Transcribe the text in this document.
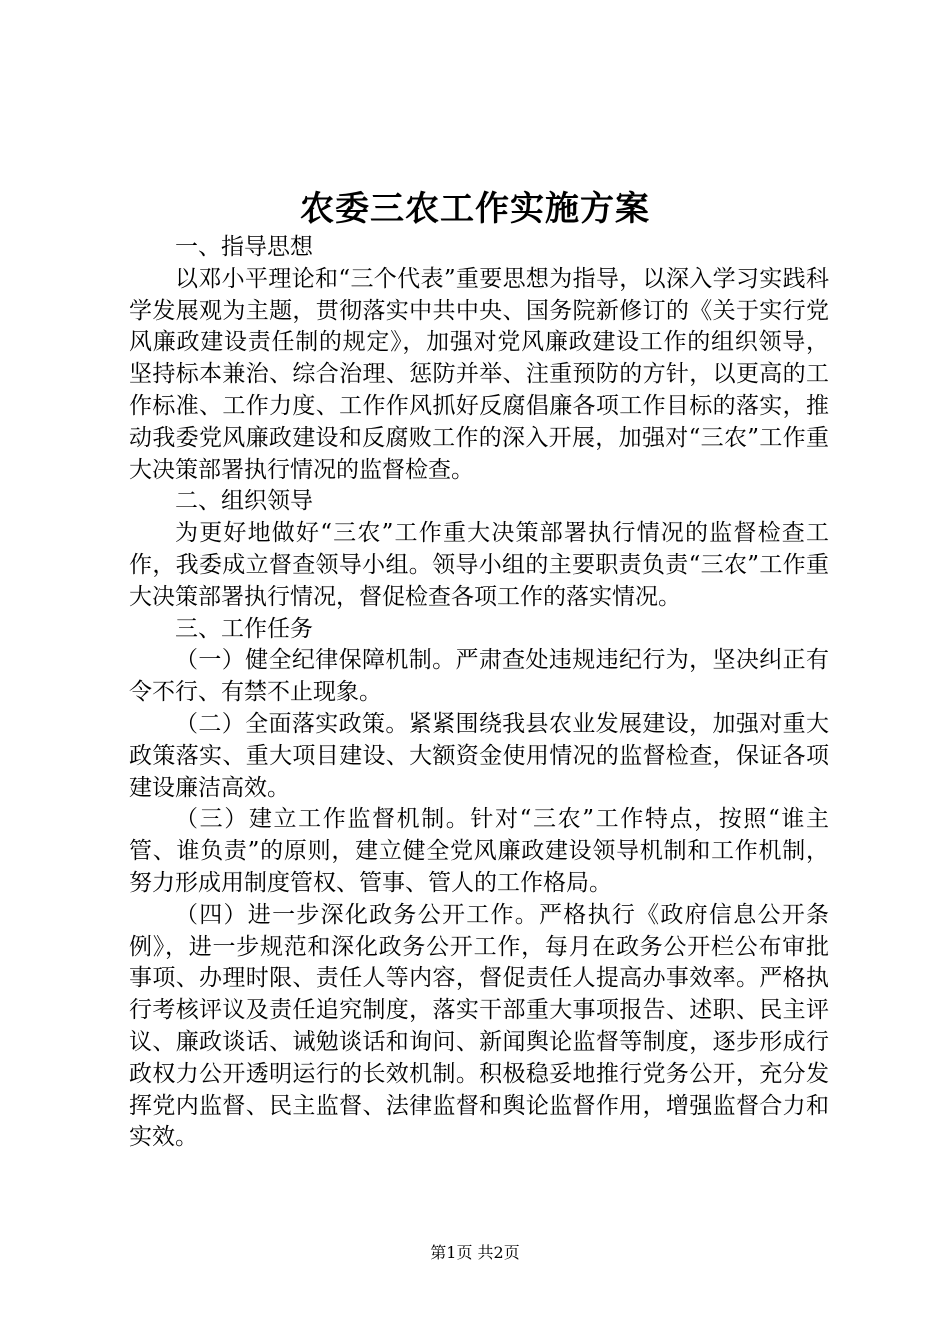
农委三农工作实施方案

一、指导思想

以邓小平理论和“三个代表”重要思想为指导，以深入学习实践科学发展观为主题，贯彻落实中共中央、国务院新修订的《关于实行党风廉政建设责任制的规定》，加强对党风廉政建设工作的组织领导，坚持标本兼治、综合治理、惩防并举、注重预防的方针，以更高的工作标准、工作力度、工作作风抓好反腐倡廉各项工作目标的落实，推动我委党风廉政建设和反腐败工作的深入开展，加强对“三农”工作重大决策部署执行情况的监督检查。

二、组织领导

为更好地做好“三农”工作重大决策部署执行情况的监督检查工作，我委成立督查领导小组。领导小组的主要职责负责“三农”工作重大决策部署执行情况，督促检查各项工作的落实情况。

三、工作任务

（一）健全纪律保障机制。严肃查处违规违纪行为，坚决纠正有令不行、有禁不止现象。

（二）全面落实政策。紧紧围绕我县农业发展建设，加强对重大政策落实、重大项目建设、大额资金使用情况的监督检查，保证各项建设廉洁高效。

（三）建立工作监督机制。针对“三农”工作特点，按照“谁主管、谁负责”的原则，建立健全党风廉政建设领导机制和工作机制，努力形成用制度管权、管事、管人的工作格局。

（四）进一步深化政务公开工作。严格执行《政府信息公开条例》，进一步规范和深化政务公开工作，每月在政务公开栏公布审批事项、办理时限、责任人等内容，督促责任人提高办事效率。严格执行考核评议及责任追究制度，落实干部重大事项报告、述职、民主评议、廉政谈话、诫勉谈话和询问、新闻舆论监督等制度，逐步形成行政权力公开透明运行的长效机制。积极稳妥地推行党务公开，充分发挥党内监督、民主监督、法律监督和舆论监督作用，增强监督合力和实效。

第1页 共2页
